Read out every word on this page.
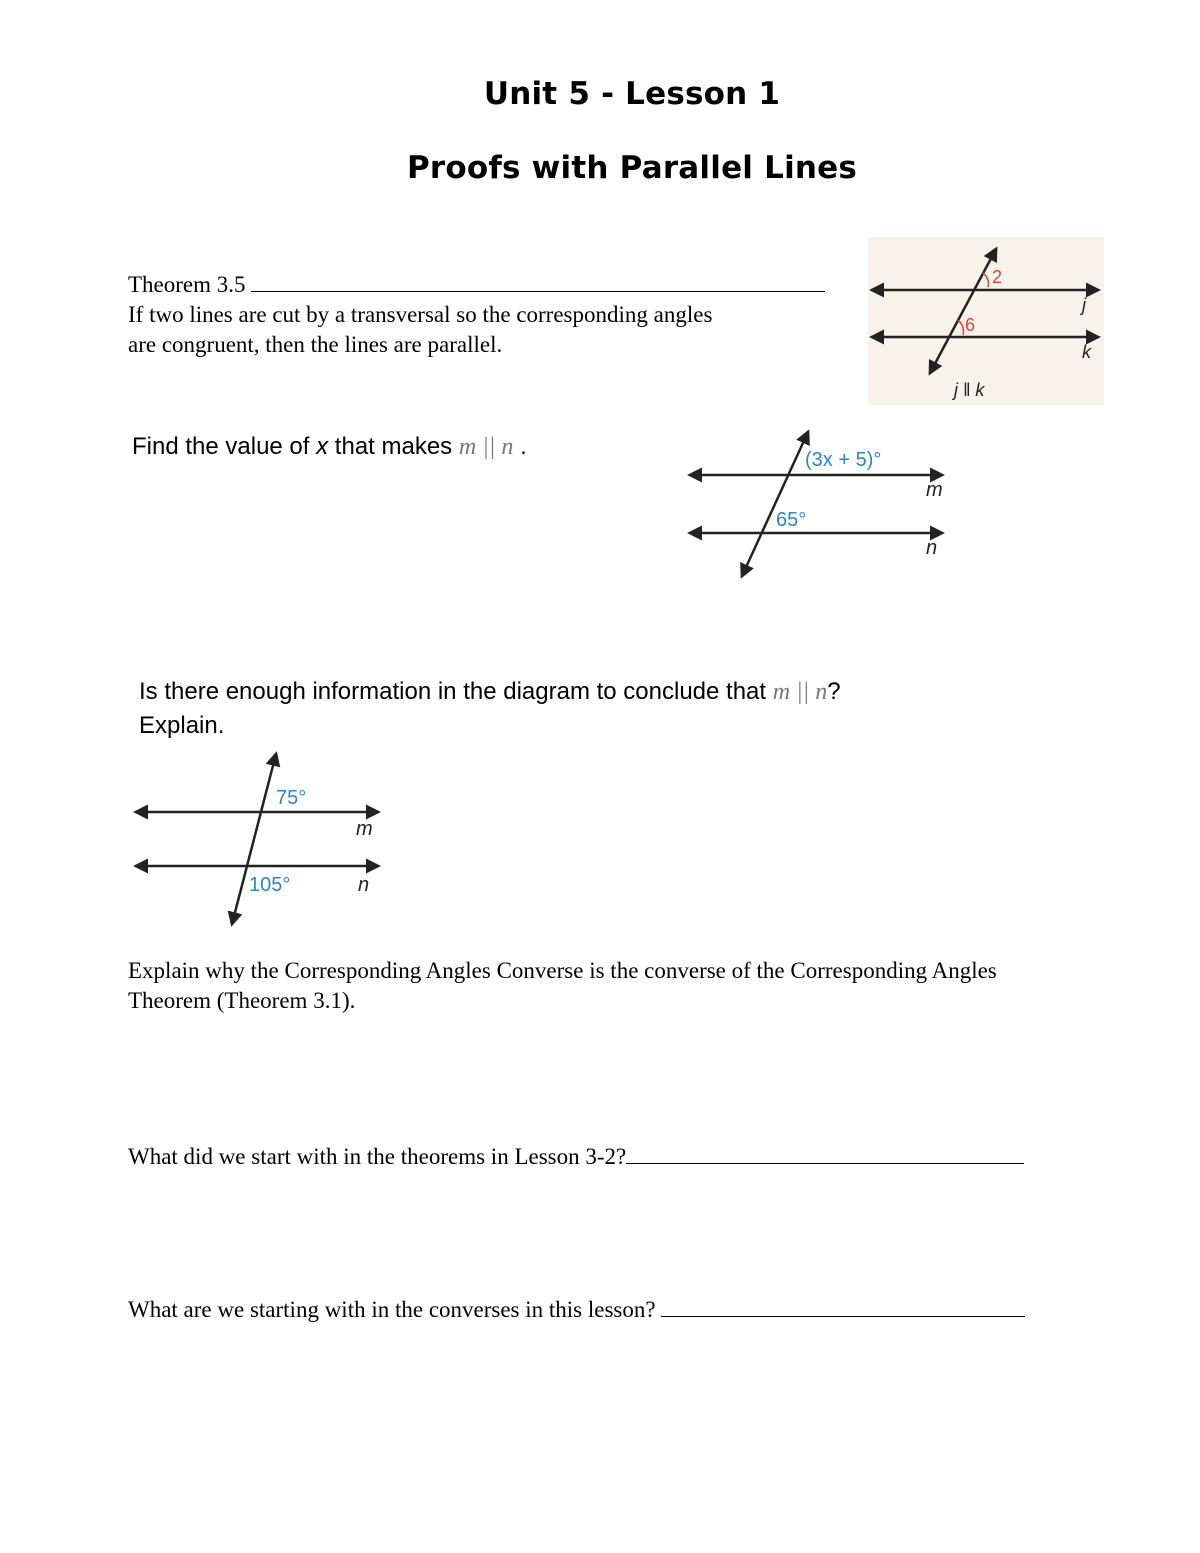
Unit 5 - Lesson 1
Proofs with Parallel Lines
Theorem 3.5
If two lines are cut by a transversal so the corresponding angles
are congruent, then the lines are parallel.
2
6
j
k
j ‖ k
Find the value of x that makes m || n .	(3x + 5)°
65°
m
n
Is there enough information in the diagram to conclude that m || n?
Explain.
75°
105°
m
n
Explain why the Corresponding Angles Converse is the converse of the Corresponding Angles
Theorem (Theorem 3.1).
What did we start with in the theorems in Lesson 3-2?
What are we starting with in the converses in this lesson?
